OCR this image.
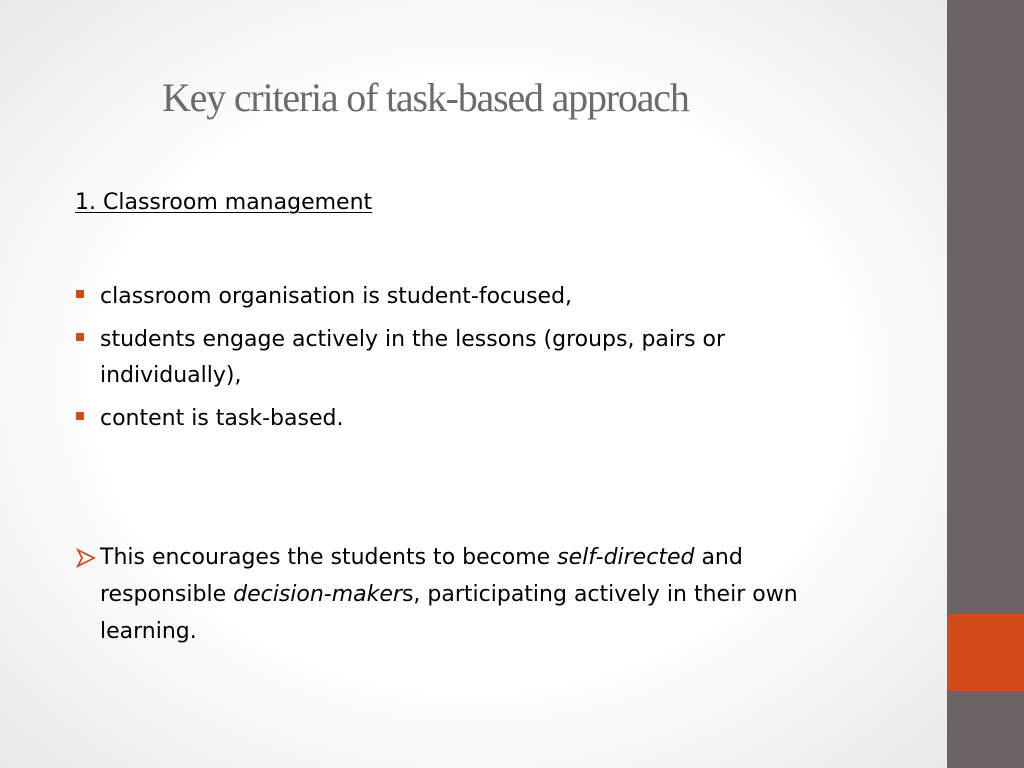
Key criteria of task-based approach
1. Classroom management
classroom organisation is student-focused,
students engage actively in the lessons (groups, pairs or individually),
content is task-based.

This encourages the students to become self-directed and responsible decision-makers, participating actively in their own learning.
